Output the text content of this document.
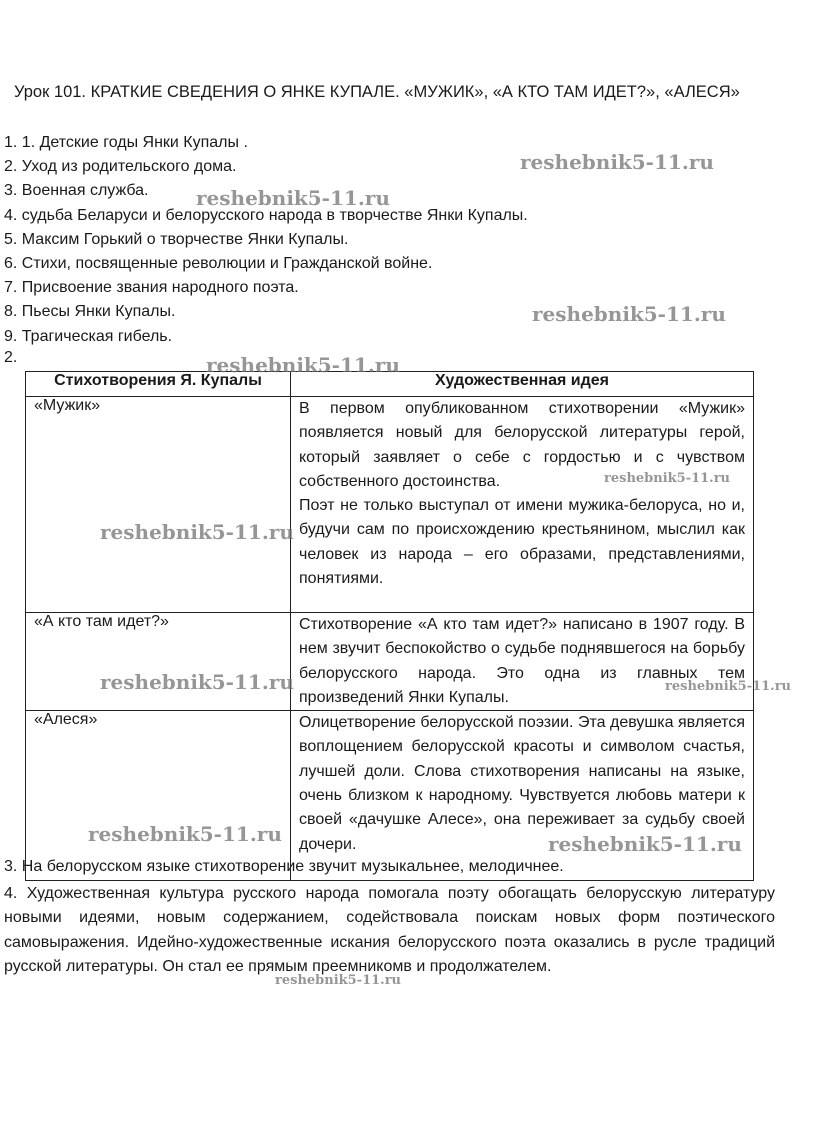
Урок 101. КРАТКИЕ СВЕДЕНИЯ О ЯНКЕ КУПАЛЕ. «МУЖИК», «А КТО ТАМ ИДЕТ?», «АЛЕСЯ»
1. 1. Детские годы Янки Купалы .
2. Уход из родительского дома.
3. Военная служба.
4. судьба Беларуси и белорусского народа в творчестве Янки Купалы.
5. Максим Горький о творчестве Янки Купалы.
6. Стихи, посвященные революции и Гражданской войне.
7. Присвоение звания народного поэта.
8. Пьесы Янки Купалы.
9. Трагическая гибель.
2.
Стихотворения Я. Купалы	Художественная идея
«Мужик»	В первом опубликованном стихотворении «Мужик» появляется новый для белорусской литературы герой, который заявляет о себе с гордостью и с чувством собственного достоинства.

Поэт не только выступал от имени мужика-белоруса, но и, будучи сам по происхождению крестьянином, мыслил как человек из народа – его образами, представлениями, понятиями.

«А кто там идет?»	Стихотворение «А кто там идет?» написано в 1907 году. В нем звучит беспокойство о судьбе поднявшегося на борьбу белорусского народа. Это одна из главных тем произведений Янки Купалы.

«Алеся»	Олицетворение белорусской поэзии. Эта девушка является воплощением белорусской красоты и символом счастья, лучшей доли. Слова стихотворения написаны на языке, очень близком к народному. Чувствуется любовь матери к своей «дачушке Алесе», она переживает за судьбу своей дочери.

3. На белорусском языке стихотворение звучит музыкальнее, мелодичнее.

4. Художественная культура русского народа помогала поэту обогащать белорусскую литературу новыми идеями, новым содержанием, содействовала поискам новых форм поэтического самовыражения. Идейно-художественные искания белорусского поэта оказались в русле традиций русской литературы. Он стал ее прямым преемникомв и продолжателем.

reshebnik5-11.ru
reshebnik5-11.ru
reshebnik5-11.ru
reshebnik5-11.ru
reshebnik5-11.ru
reshebnik5-11.ru
reshebnik5-11.ru	reshebnik5-11.ru
reshebnik5-11.ru	reshebnik5-11.ru
reshebnik5-11.ru
